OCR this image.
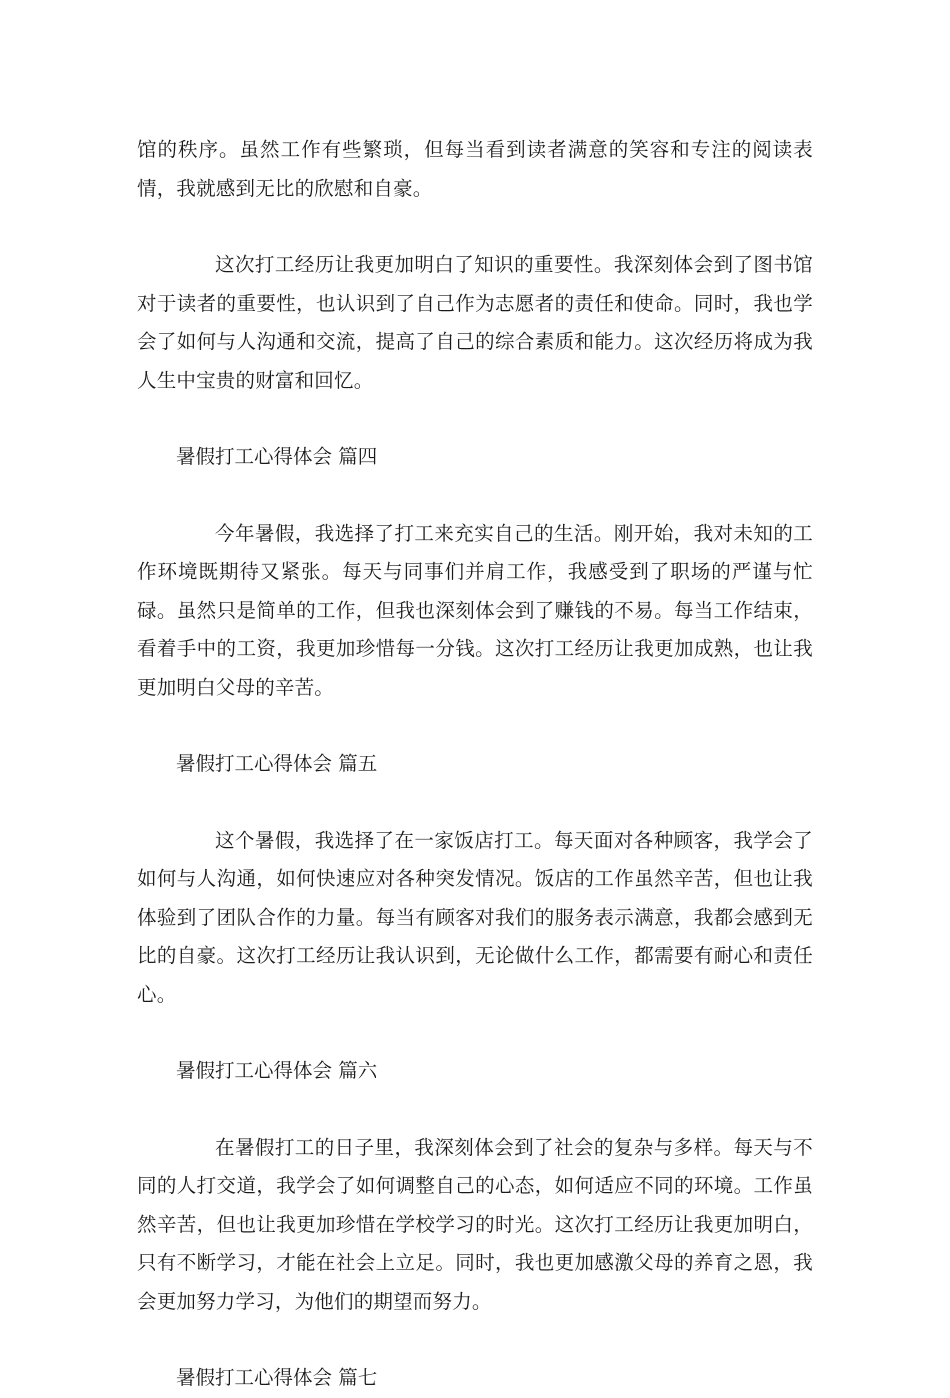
馆的秩序。虽然工作有些繁琐，但每当看到读者满意的笑容和专注的阅读表情，我就感到无比的欣慰和自豪。

这次打工经历让我更加明白了知识的重要性。我深刻体会到了图书馆对于读者的重要性，也认识到了自己作为志愿者的责任和使命。同时，我也学会了如何与人沟通和交流，提高了自己的综合素质和能力。这次经历将成为我人生中宝贵的财富和回忆。

暑假打工心得体会 篇四

今年暑假，我选择了打工来充实自己的生活。刚开始，我对未知的工作环境既期待又紧张。每天与同事们并肩工作，我感受到了职场的严谨与忙碌。虽然只是简单的工作，但我也深刻体会到了赚钱的不易。每当工作结束，看着手中的工资，我更加珍惜每一分钱。这次打工经历让我更加成熟，也让我更加明白父母的辛苦。

暑假打工心得体会 篇五

这个暑假，我选择了在一家饭店打工。每天面对各种顾客，我学会了如何与人沟通，如何快速应对各种突发情况。饭店的工作虽然辛苦，但也让我体验到了团队合作的力量。每当有顾客对我们的服务表示满意，我都会感到无比的自豪。这次打工经历让我认识到，无论做什么工作，都需要有耐心和责任心。

暑假打工心得体会 篇六

在暑假打工的日子里，我深刻体会到了社会的复杂与多样。每天与不同的人打交道，我学会了如何调整自己的心态，如何适应不同的环境。工作虽然辛苦，但也让我更加珍惜在学校学习的时光。这次打工经历让我更加明白，只有不断学习，才能在社会上立足。同时，我也更加感激父母的养育之恩，我会更加努力学习，为他们的期望而努力。

暑假打工心得体会 篇七
